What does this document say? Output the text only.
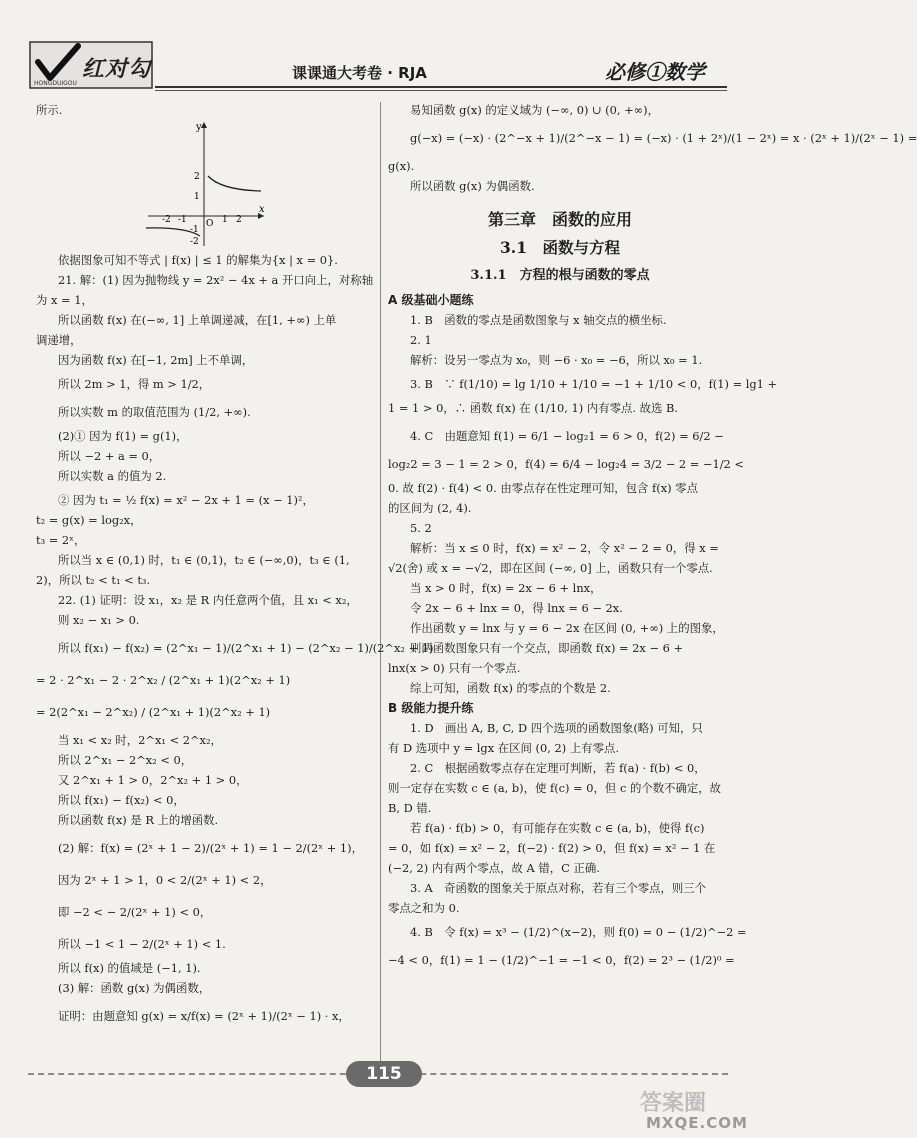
红对勾
HONGDUIGOU
课课通大考卷 · RJA	必修①数学

所示.

y
x
O
2
1
-1
-2
-2 -1	1 2

依据图象可知不等式 | f(x) | ≤ 1 的解集为{x | x = 0}.

21. 解：(1) 因为抛物线 y = 2x² − 4x + a 开口向上，对称轴

为 x = 1，

所以函数 f(x) 在(−∞, 1] 上单调递减，在[1, +∞) 上单

调递增，

因为函数 f(x) 在[−1, 2m] 上不单调，

所以 2m > 1，得 m > 1/2，

所以实数 m 的取值范围为 (1/2, +∞).

(2)① 因为 f(1) = g(1)，

所以 −2 + a = 0，

所以实数 a 的值为 2.

② 因为 t₁ = ½ f(x) = x² − 2x + 1 = (x − 1)²，

t₂ = g(x) = log₂x，

t₃ = 2ˣ，

所以当 x ∈ (0,1) 时，t₁ ∈ (0,1)，t₂ ∈ (−∞,0)，t₃ ∈ (1,

2)，所以 t₂ < t₁ < t₃.

22. (1) 证明：设 x₁，x₂ 是 R 内任意两个值，且 x₁ < x₂，

则 x₂ − x₁ > 0.

所以 f(x₁) − f(x₂) = (2^x₁ − 1)/(2^x₁ + 1) − (2^x₂ − 1)/(2^x₂ + 1)

= 2 · 2^x₁ − 2 · 2^x₂ / (2^x₁ + 1)(2^x₂ + 1)

= 2(2^x₁ − 2^x₂) / (2^x₁ + 1)(2^x₂ + 1)

当 x₁ < x₂ 时，2^x₁ < 2^x₂，

所以 2^x₁ − 2^x₂ < 0，

又 2^x₁ + 1 > 0，2^x₂ + 1 > 0，

所以 f(x₁) − f(x₂) < 0，

所以函数 f(x) 是 R 上的增函数.

(2) 解：f(x) = (2ˣ + 1 − 2)/(2ˣ + 1) = 1 − 2/(2ˣ + 1)，

因为 2ˣ + 1 > 1，0 < 2/(2ˣ + 1) < 2，

即 −2 < − 2/(2ˣ + 1) < 0，

所以 −1 < 1 − 2/(2ˣ + 1) < 1.

所以 f(x) 的值域是 (−1, 1).

(3) 解：函数 g(x) 为偶函数，

证明：由题意知 g(x) = x/f(x) = (2ˣ + 1)/(2ˣ − 1) · x，

易知函数 g(x) 的定义域为 (−∞, 0) ∪ (0, +∞)，

g(−x) = (−x) · (2^−x + 1)/(2^−x − 1) = (−x) · (1 + 2ˣ)/(1 − 2ˣ) = x · (2ˣ + 1)/(2ˣ − 1) =

g(x).

所以函数 g(x) 为偶函数.

第三章　函数的应用
3.1　函数与方程
3.1.1　方程的根与函数的零点

A 级基础小题练

1. B　函数的零点是函数图象与 x 轴交点的横坐标.

2. 1

解析：设另一零点为 x₀，则 −6 · x₀ = −6，所以 x₀ = 1.

3. B　∵ f(1/10) = lg 1/10 + 1/10 = −1 + 1/10 < 0，f(1) = lg1 +

1 = 1 > 0，∴ 函数 f(x) 在 (1/10, 1) 内有零点. 故选 B.

4. C　由题意知 f(1) = 6/1 − log₂1 = 6 > 0，f(2) = 6/2 −

log₂2 = 3 − 1 = 2 > 0，f(4) = 6/4 − log₂4 = 3/2 − 2 = −1/2 <

0. 故 f(2) · f(4) < 0. 由零点存在性定理可知，包含 f(x) 零点

的区间为 (2, 4).

5. 2

解析：当 x ≤ 0 时，f(x) = x² − 2，令 x² − 2 = 0，得 x =

√2(舍) 或 x = −√2，即在区间 (−∞, 0] 上，函数只有一个零点.

当 x > 0 时，f(x) = 2x − 6 + lnx，

令 2x − 6 + lnx = 0，得 lnx = 6 − 2x.

作出函数 y = lnx 与 y = 6 − 2x 在区间 (0, +∞) 上的图象，

则两函数图象只有一个交点，即函数 f(x) = 2x − 6 +

lnx(x > 0) 只有一个零点.

综上可知，函数 f(x) 的零点的个数是 2.

B 级能力提升练

1. D　画出 A, B, C, D 四个选项的函数图象(略) 可知，只

有 D 选项中 y = lgx 在区间 (0, 2) 上有零点.

2. C　根据函数零点存在定理可判断，若 f(a) · f(b) < 0，

则一定存在实数 c ∈ (a, b)，使 f(c) = 0，但 c 的个数不确定，故

B, D 错.

若 f(a) · f(b) > 0，有可能存在实数 c ∈ (a, b)，使得 f(c)

= 0，如 f(x) = x² − 2，f(−2) · f(2) > 0，但 f(x) = x² − 1 在

(−2, 2) 内有两个零点，故 A 错，C 正确.

3. A　奇函数的图象关于原点对称，若有三个零点，则三个

零点之和为 0.

4. B　令 f(x) = x³ − (1/2)^(x−2)，则 f(0) = 0 − (1/2)^−2 =

−4 < 0，f(1) = 1 − (1/2)^−1 = −1 < 0，f(2) = 2³ − (1/2)⁰ =

115
答案圈
MXQE.COM
